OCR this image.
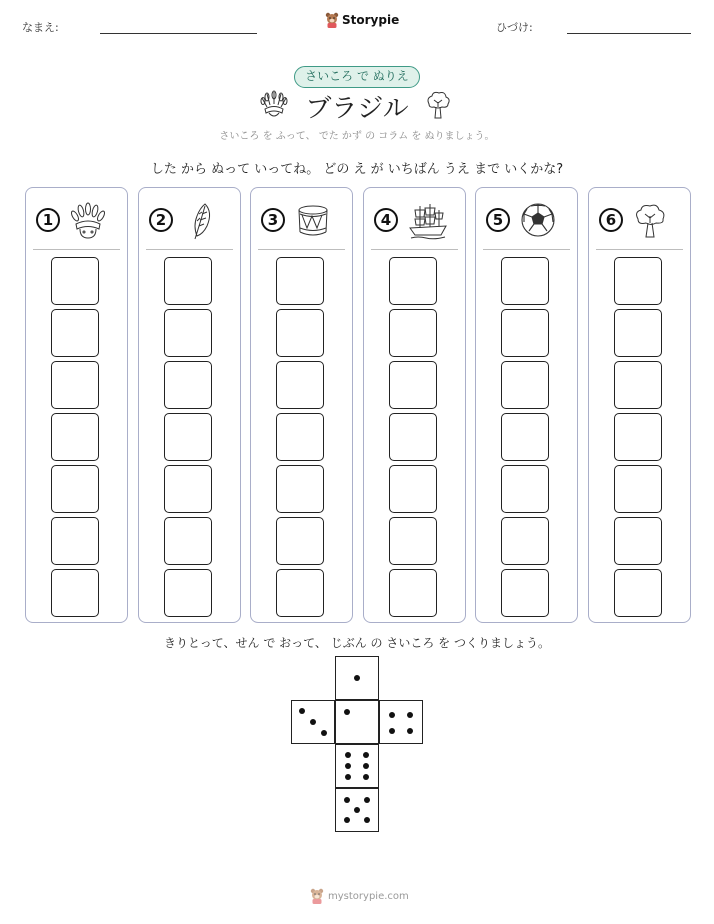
なまえ:
Storypie
ひづけ:
さいころ で ぬりえ
ブラジル
さいころ を ふって、 でた かず の コラム を ぬりましょう。
した から ぬって いってね。 どの え が いちばん うえ まで いくかな?
1	2	3	4	5	6
きりとって、せん で おって、 じぶん の さいころ を つくりましょう。
mystorypie.com
